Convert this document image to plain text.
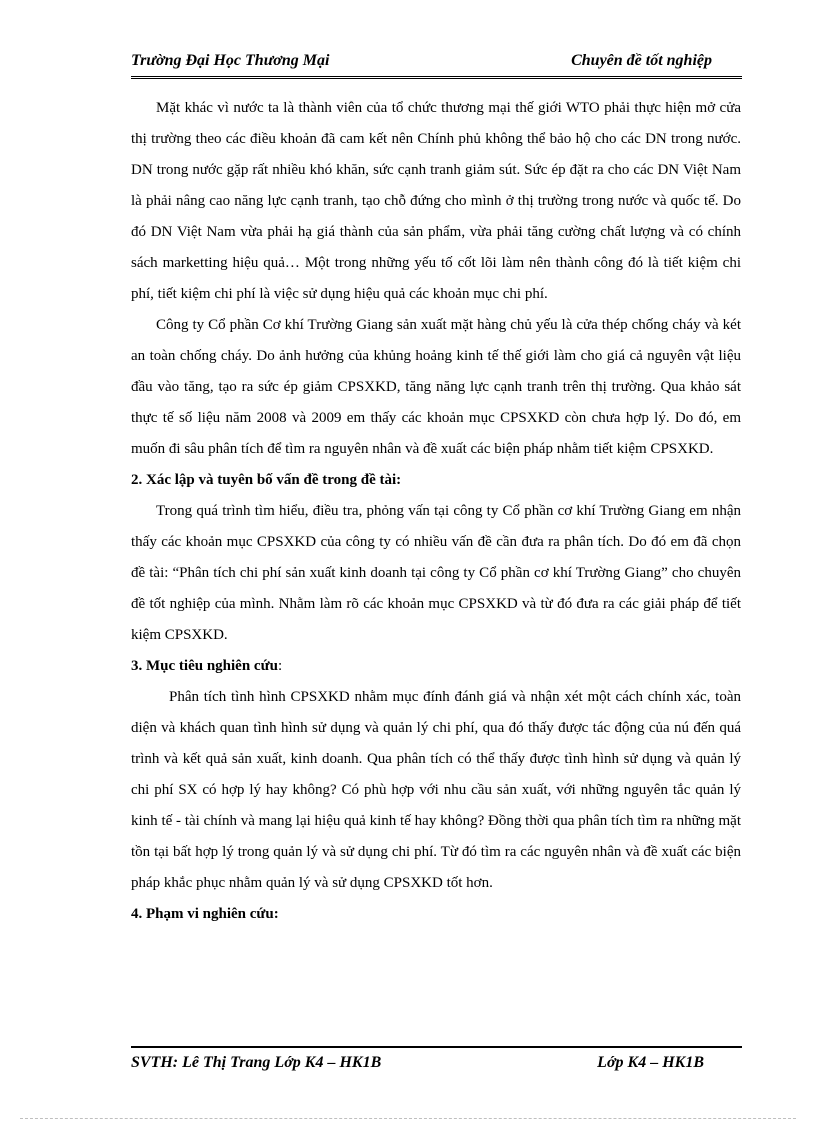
Trường Đại Học Thương Mại	Chuyên đề tốt nghiệp

Mặt khác vì nước ta là thành viên của tổ chức thương mại thế giới WTO phải thực hiện mở cửa thị trường theo các điều khoản đã cam kết nên Chính phủ không thể bảo hộ cho các DN trong nước. DN trong nước gặp rất nhiều khó khăn, sức cạnh tranh giảm sút. Sức ép đặt ra cho các DN Việt Nam là phải nâng cao năng lực cạnh tranh, tạo chỗ đứng cho mình ở thị trường trong nước và quốc tế. Do đó DN Việt Nam vừa phải hạ giá thành của sản phẩm, vừa phải tăng cường chất lượng và có chính sách marketting hiệu quả… Một trong những yếu tố cốt lõi làm nên thành công đó là tiết kiệm chi phí, tiết kiệm chi phí là việc sử dụng hiệu quả các khoản mục chi phí.

Công ty Cổ phần Cơ khí Trường Giang sản xuất mặt hàng chủ yếu là cửa thép chống cháy và két an toàn chống cháy. Do ảnh hưởng của khủng hoảng kinh tế thế giới làm cho giá cả nguyên vật liệu đầu vào tăng, tạo ra sức ép giảm CPSXKD, tăng năng lực cạnh tranh trên thị trường. Qua khảo sát thực tế số liệu năm 2008 và 2009 em thấy các khoản mục CPSXKD còn chưa hợp lý. Do đó, em muốn đi sâu phân tích để tìm ra nguyên nhân và đề xuất các biện pháp nhằm tiết kiệm CPSXKD.

2. Xác lập và tuyên bố vấn đề trong đề tài:

Trong quá trình tìm hiểu, điều tra, phỏng vấn tại công ty Cổ phần cơ khí Trường Giang em nhận thấy các khoản mục CPSXKD của công ty có nhiều vấn đề cần đưa ra phân tích. Do đó em đã chọn đề tài: “Phân tích chi phí sản xuất kinh doanh tại công ty Cổ phần cơ khí Trường Giang” cho chuyên đề tốt nghiệp của mình. Nhằm làm rõ các khoản mục CPSXKD và từ đó đưa ra các giải pháp để tiết kiệm CPSXKD.

3. Mục tiêu nghiên cứu:

Phân tích tình hình CPSXKD nhằm mục đính đánh giá và nhận xét một cách chính xác, toàn diện và khách quan tình hình sử dụng và quản lý chi phí, qua đó thấy được tác động của nú đến quá trình và kết quả sản xuất, kinh doanh. Qua phân tích có thể thấy được tình hình sử dụng và quản lý chi phí SX có hợp lý hay không? Có phù hợp với nhu cầu sản xuất, với những nguyên tắc quản lý kinh tế - tài chính và mang lại hiệu quả kinh tế hay không? Đồng thời qua phân tích tìm ra những mặt tồn tại bất hợp lý trong quản lý và sử dụng chi phí. Từ đó tìm ra các nguyên nhân và đề xuất các biện pháp khắc phục nhằm quản lý và sử dụng CPSXKD tốt hơn.

4. Phạm vi nghiên cứu:

SVTH: Lê Thị Trang Lớp K4 – HK1B	Lớp K4 – HK1B
